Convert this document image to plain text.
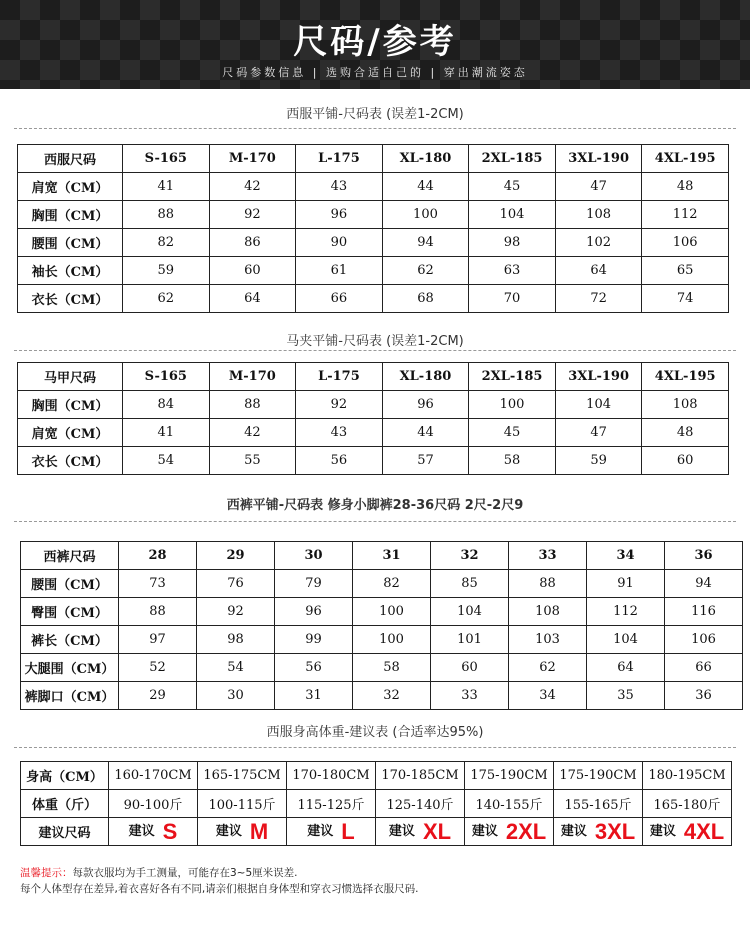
尺码/参考
尺码参数信息 | 选购合适自己的 | 穿出潮流姿态
西服平铺-尺码表 (误差1-2CM)
西服尺码	S-165	M-170	L-175	XL-180	2XL-185	3XL-190	4XL-195
肩宽（CM）	41	42	43	44	45	47	48
胸围（CM）	88	92	96	100	104	108	112
腰围（CM）	82	86	90	94	98	102	106
袖长（CM）	59	60	61	62	63	64	65
衣长（CM）	62	64	66	68	70	72	74
马夹平铺-尺码表 (误差1-2CM)
马甲尺码	S-165	M-170	L-175	XL-180	2XL-185	3XL-190	4XL-195
胸围（CM）	84	88	92	96	100	104	108
肩宽（CM）	41	42	43	44	45	47	48
衣长（CM）	54	55	56	57	58	59	60
西裤平铺-尺码表 修身小脚裤28-36尺码 2尺-2尺9
西裤尺码	28	29	30	31	32	33	34	36
腰围（CM）	73	76	79	82	85	88	91	94
臀围（CM）	88	92	96	100	104	108	112	116
裤长（CM）	97	98	99	100	101	103	104	106
大腿围（CM）	52	54	56	58	60	62	64	66
裤脚口（CM）	29	30	31	32	33	34	35	36
西服身高体重-建议表 (合适率达95%)
身高（CM）	160-170CM	165-175CM	170-180CM	170-185CM	175-190CM	175-190CM	180-195CM
体重（斤）	90-100斤	100-115斤	115-125斤	125-140斤	140-155斤	155-165斤	165-180斤
建议尺码	建议 S	建议 M	建议 L	建议 XL	建议 2XL	建议 3XL	建议 4XL
温馨提示：每款衣服均为手工测量，可能存在3~5厘米误差.
每个人体型存在差异,着衣喜好各有不同,请亲们根据自身体型和穿衣习惯选择衣服尺码.
